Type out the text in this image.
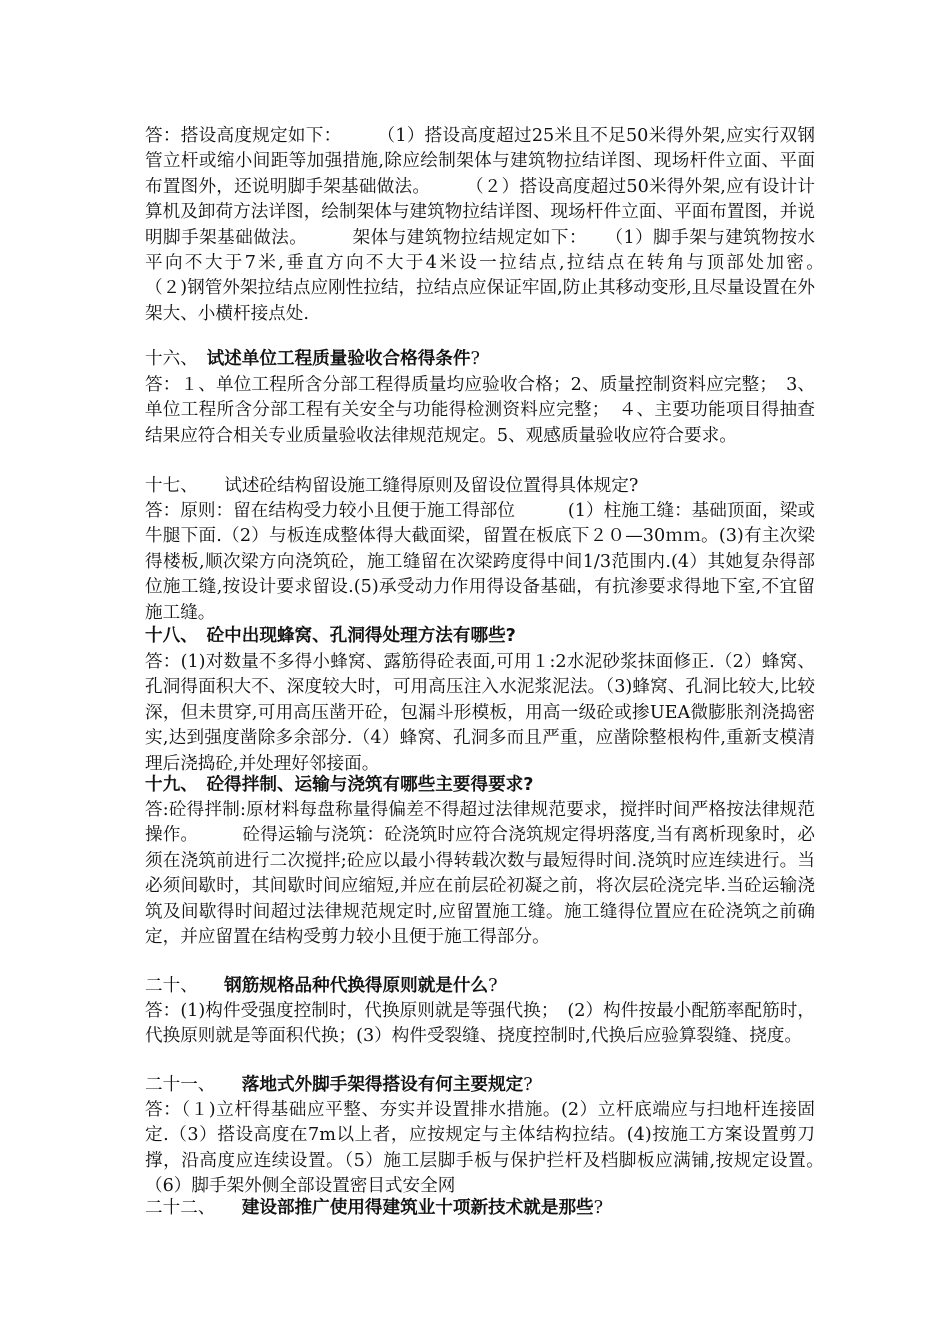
答：搭设高度规定如下：　　　（1）搭设高度超过25米且不足50米得外架,应实行双钢管立杆或缩小间距等加强措施,除应绘制架体与建筑物拉结详图、现场杆件立面、平面布置图外，还说明脚手架基础做法。　　　（２）搭设高度超过50米得外架,应有设计计算机及卸荷方法详图，绘制架体与建筑物拉结详图、现场杆件立面、平面布置图，并说明脚手架基础做法。　　　架体与建筑物拉结规定如下：　　（1）脚手架与建筑物按水平向不大于7米,垂直方向不大于4米设一拉结点,拉结点在转角与顶部处加密。　　　（２)钢管外架拉结点应刚性拉结，拉结点应保证牢固,防止其移动变形,且尽量设置在外架大、小横杆接点处.
十六、　试述单位工程质量验收合格得条件?
答：１、单位工程所含分部工程得质量均应验收合格；2、质量控制资料应完整；　3、单位工程所含分部工程有关安全与功能得检测资料应完整；　４、主要功能项目得抽查结果应符合相关专业质量验收法律规范规定。5、观感质量验收应符合要求。
十七、　　试述砼结构留设施工缝得原则及留设位置得具体规定?
答：原则：留在结构受力较小且便于施工得部位　　　(1）柱施工缝：基础顶面，梁或牛腿下面.（2）与板连成整体得大截面梁，留置在板底下２０—30ｍｍ。(3)有主次梁得楼板,顺次梁方向浇筑砼，施工缝留在次梁跨度得中间1/3范围内.(4）其她复杂得部位施工缝,按设计要求留设.(5)承受动力作用得设备基础，有抗渗要求得地下室,不宜留施工缝。
十八、　砼中出现蜂窝、孔洞得处理方法有哪些?
答：(1)对数量不多得小蜂窝、露筋得砼表面,可用１:2水泥砂浆抹面修正.（2）蜂窝、孔洞得面积大不、深度较大时，可用高压注入水泥浆泥法。（3)蜂窝、孔洞比较大,比较深，但未贯穿,可用高压凿开砼，包漏斗形模板，用高一级砼或掺UEA微膨胀剂浇捣密实,达到强度凿除多余部分.（4）蜂窝、孔洞多而且严重，应凿除整根构件,重新支模清理后浇捣砼,并处理好邻接面。
十九、　砼得拌制、运输与浇筑有哪些主要得要求?
答:砼得拌制:原材料每盘称量得偏差不得超过法律规范要求，搅拌时间严格按法律规范操作。　　　砼得运输与浇筑：砼浇筑时应符合浇筑规定得坍落度,当有离析现象时，必须在浇筑前进行二次搅拌;砼应以最小得转载次数与最短得时间.浇筑时应连续进行。当必须间歇时，其间歇时间应缩短,并应在前层砼初凝之前，将次层砼浇完毕.当砼运输浇筑及间歇得时间超过法律规范规定时,应留置施工缝。施工缝得位置应在砼浇筑之前确定，并应留置在结构受剪力较小且便于施工得部分。
二十、　　钢筋规格品种代换得原则就是什么?
答：(1)构件受强度控制时，代换原则就是等强代换；　(2）构件按最小配筋率配筋时，代换原则就是等面积代换；(3）构件受裂缝、挠度控制时,代换后应验算裂缝、挠度。
二十一、　　落地式外脚手架得搭设有何主要规定?
答：（１)立杆得基础应平整、夯实并设置排水措施。(2）立杆底端应与扫地杆连接固定.（3）搭设高度在7m以上者，应按规定与主体结构拉结。(4)按施工方案设置剪刀撑，沿高度应连续设置。（5）施工层脚手板与保护拦杆及档脚板应满铺,按规定设置。　　　（6）脚手架外侧全部设置密目式安全网
二十二、　　建设部推广使用得建筑业十项新技术就是那些?
